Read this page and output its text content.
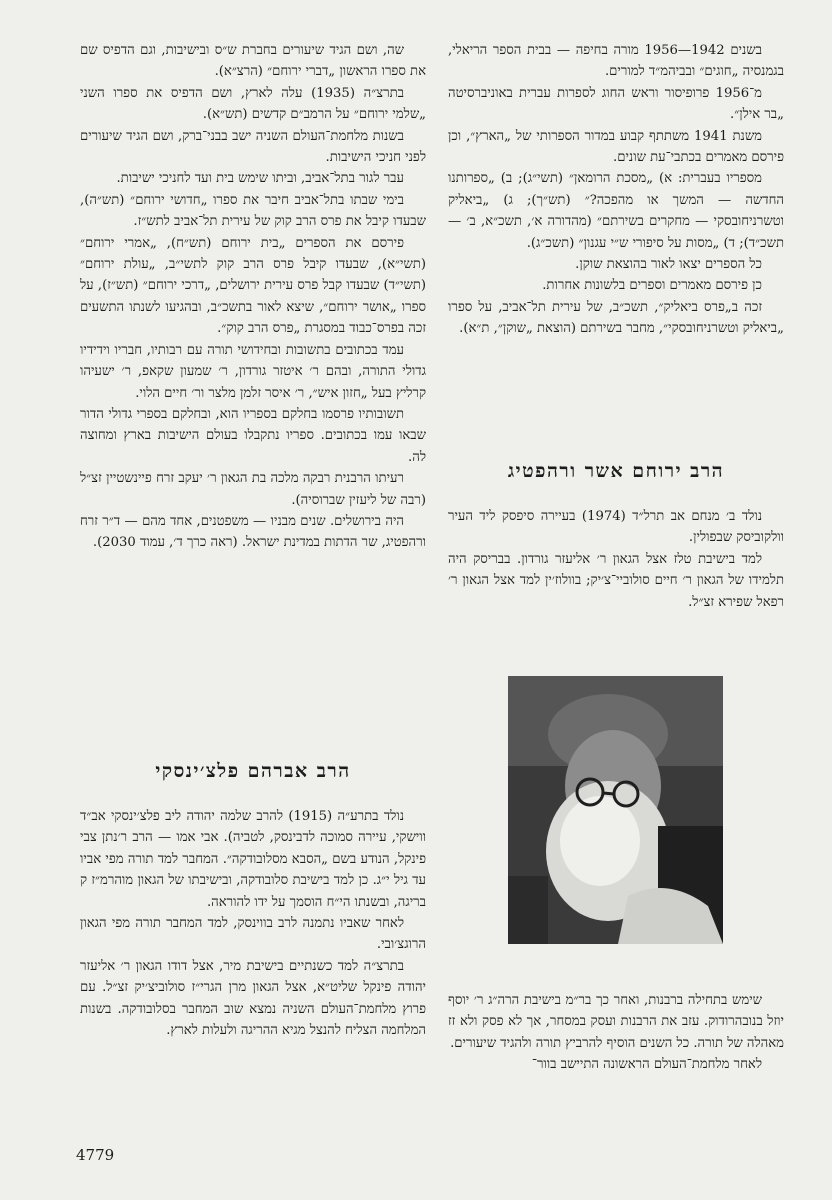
בשנים 1942—1956 מורה בחיפה — בבית הספר הריאלי, בגמנסיה „חוגים״ ובביהמ״ד למורים.

מ־1956 פרופיסור וראש החוג לספרות עברית באוניברסיטה „בר אילן״.

משנת 1941 משתתף קבוע במדור הספרותי של „הארץ״, וכן פירסם מאמרים בכתבי־עת שונים.

מספריו בעברית: א) „מסכת הרומאן״ (תשי״ג); ב) „ספרותנו החדשה — המשך או מהפכה?״ (תש״ך); ג) „ביאליק וטשרניחובסקי — מחקרים בשירתם״ (מהדורה א׳, תשכ״א, ב׳ — תשכ״ד); ד) „מסות על סיפורי ש״י עגנון״ (תשכ״ג).

כל הספרים יצאו לאור בהוצאת שוקן.

כן פירסם מאמרים וספרים בלשונות אחרות.

זכה ב„פרס ביאליק״, תשכ״ב, של עירית תל־אביב, על ספרו „ביאליק וטשרניחובסקי״, מחבר בשירתם (הוצאת „שוקן״, ת״א).

הרב ירוחם אשר ורהפטיג

נולד ב׳ מנחם אב תרל״ד (1974) בעיירה סיפסק ליד העיר וולקוביסק שבפולין.

למד בישיבת טלז אצל הגאון ר׳ אליעזר גורדון. בבריסק היה תלמידו של הגאון ר׳ חיים סולוביי־צ׳יק; בוולוז׳ין למד אצל הגאון ר׳ רפאל שפירא זצ״ל.

שימש בתחילה ברבנות, ואחר כך בר״מ בישיבת הרה״ג ר׳ יוסף יוזל בנובהרודוק. עזב את הרבנות ועסק במסחר, אך לא פסק ולא זז מאהלה של תורה. כל השנים הוסיף להרביץ תורה ולהגיד שיעורים.

לאחר מלחמת־העולם הראשונה התיישב בוור־

שה, ושם הגיד שיעורים בחברת ש״ס ובישיבות, וגם הדפיס שם את ספרו הראשון „דברי ירוחם״ (הרצ״א).

בתרצ״ה (1935) עלה לארץ, ושם הדפיס את ספרו השני „שלמי ירוחם״ על הרמב״ם קדשים (תש״א).

בשנות מלחמת־העולם השניה ישב בבני־ברק, ושם הגיד שיעורים לפני חניכי הישיבות.

עבר לגור בתל־אביב, וביתו שימש בית ועד לחניכי ישיבות.

בימי שבתו בתל־אביב חיבר את ספרו „חדושי ירוחם״ (תש״ה), שבעדו קיבל את פרס הרב קוק של עירית תל־אביב לתש״ז.

פירסם את הספרים „בית ירוחם (תש״ח), „אמרי ירוחם״ (תשי״א), שבעדו קיבל פרס הרב קוק לתשי״ב, „עולת ירוחם״ (תשי״ד) שבעדו קבל פרס עירית ירושלים, „דרכי ירוחם״ (תש״ז), על ספרו „אושר ירוחם״, שיצא לאור בתשכ״ב, ובהגיעו לשנתו התשעים זכה בפרס־כבוד במסגרת „פרס הרב קוק״.

עמד בכתובים בתשובות ובחידושי תורה עם רבותיו, חבריו וידידיו גדולי התורה, ובהם ר׳ איטזר גורדון, ר׳ שמעון שקאפ, ר׳ ישעיהו קרליץ בעל „חזון איש״, ר׳ איסר זלמן מלצר ור׳ חיים הלוי.

תשובותיו פרסמו בחלקם בספריו הוא, ובחלקם בספרי גדולי הדור שבאו עמו בכתובים. ספריו נתקבלו בעולם הישיבות בארץ ומחוצה לה.

רעיתו הרבנית רבקה מלכה בת הגאון ר׳ יעקב זרח פיינשטיין זצ״ל (רבה של ליעזין שברוסיה).

היה בירושלים. שנים מבניו — משפטנים, אחד מהם — ד״ר זרח ורהפטיג, שר הדתות במדינת ישראל. (ראה כרך ד׳, עמוד 2030).

הרב אברהם פלצ׳ינסקי

נולד בתרע״ה (1915) להרב שלמה יהודה ליב פלצ׳ינסקי אב״ד ווישקי, עיירה סמוכה לדבינסק, לטביה). אבי אמו — הרב ר׳נתן צבי פינקל, הנודע בשם „הסבא מסלובודקה״. המחבר למד תורה מפי אביו עד גיל י״ג. כן למד בישיבת סלובודקה, ובישיבתו של הגאון מוהרמ״ז ק בריגה, ובשנתו הי״ח הוסמך על ידו להוראה.

לאחר שאביו נתמנה לרב בווינסק, למד המחבר תורה מפי הגאון הרוגצ׳ובי.

בתרצ״ה למד כשנתיים בישיבת מיר, אצל דודו הגאון ר׳ אליעזר יהודה פינקל שליט״א, אצל הגאון מרן הגרי״ז סולוביצ׳יק זצ״ל. עם פרוץ מלחמת־העולם השניה נמצא שוב המחבר בסלובודקה. בשנות המלחמה הצליח להנצל מגיא ההריגה ולעלות לארץ.

4779
